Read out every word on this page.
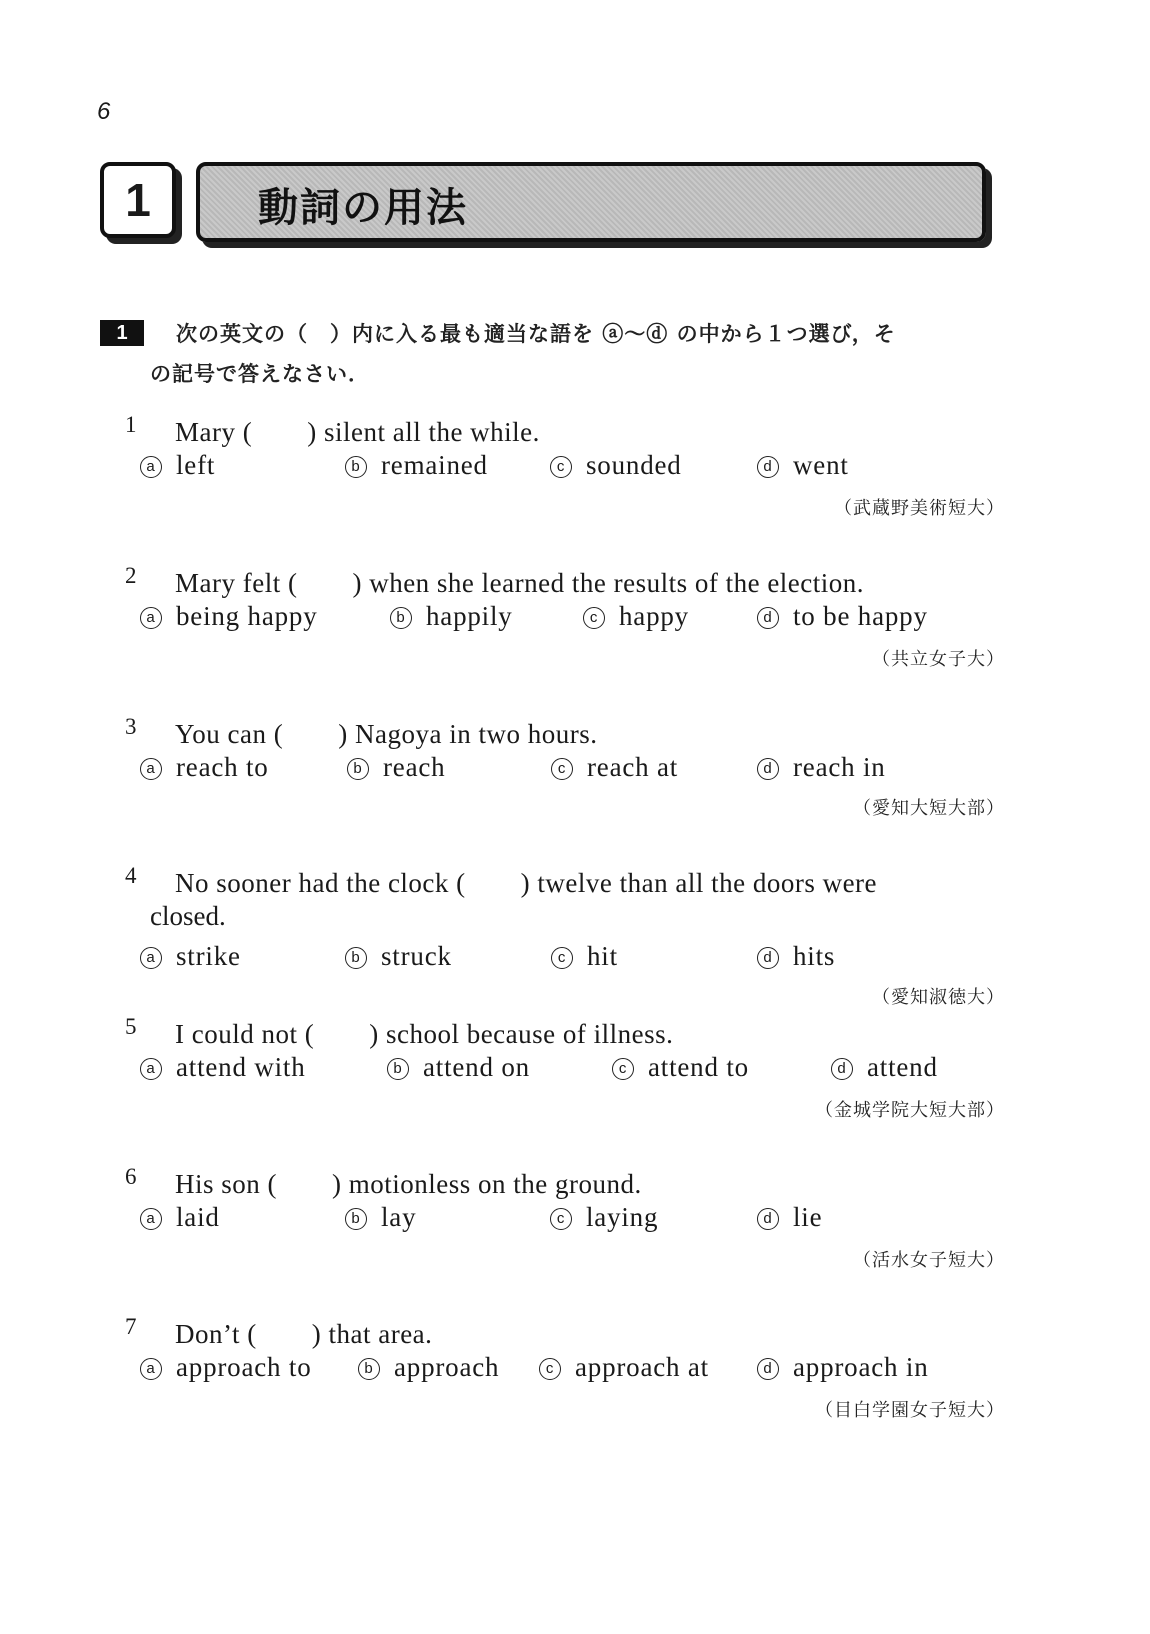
6
1	動詞の用法
1	次の英文の（　）内に入る最も適当な語を ⓐ〜ⓓ の中から１つ選び，そ
の記号で答えなさい．
1 Mary (　　) silent all the while.
a left	b remained	c sounded	d went
（武蔵野美術短大）
2 Mary felt (　　) when she learned the results of the election.
a being happy	b happily	c happy	d to be happy
（共立女子大）
3 You can (　　) Nagoya in two hours.
a reach to	b reach	c reach at	d reach in
（愛知大短大部）
4 No sooner had the clock (　　) twelve than all the doors were
closed.
a strike	b struck	c hit	d hits
（愛知淑徳大）
5 I could not (　　) school because of illness.
a attend with	b attend on	c attend to	d attend
（金城学院大短大部）
6 His son (　　) motionless on the ground.
a laid	b lay	c laying	d lie
（活水女子短大）
7 Don’t (　　) that area.
a approach to	b approach	c approach at	d approach in
（目白学園女子短大）
